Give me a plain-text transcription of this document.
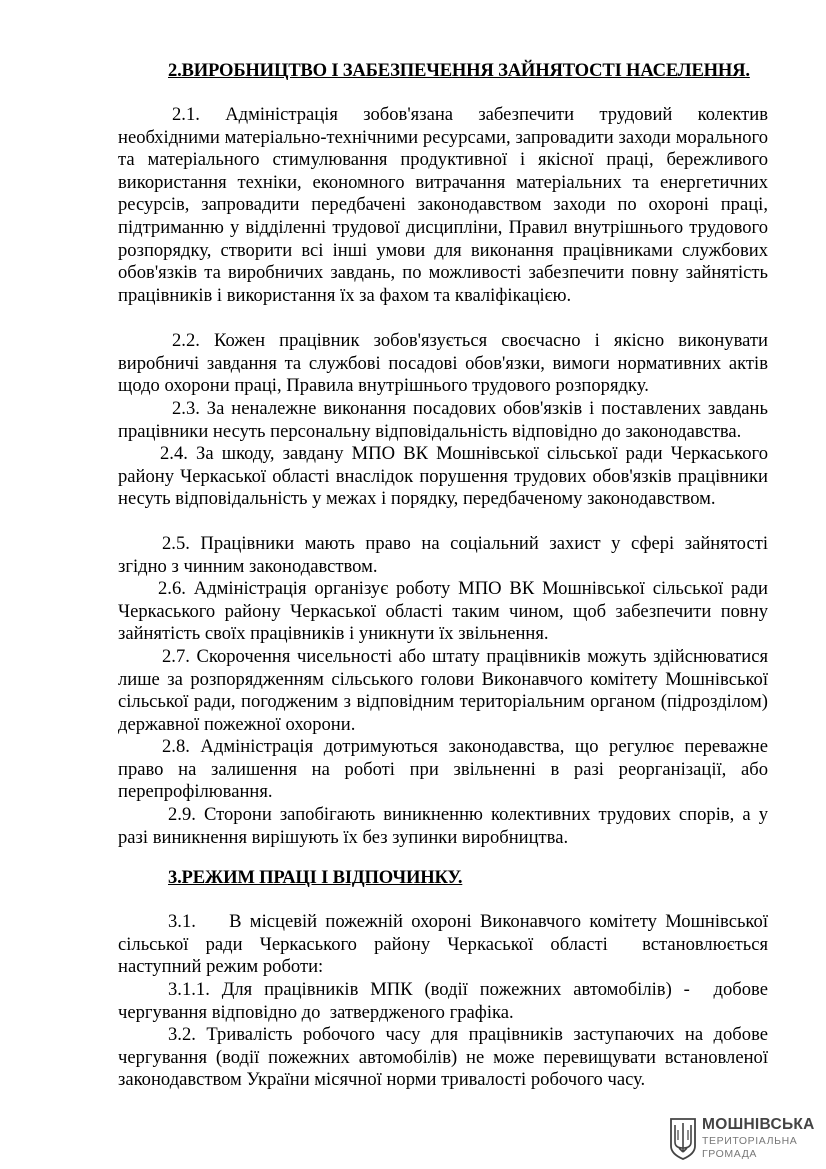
2.ВИРОБНИЦТВО І ЗАБЕЗПЕЧЕННЯ ЗАЙНЯТОСТІ НАСЕЛЕННЯ.

2.1. Адміністрація зобов'язана забезпечити трудовий колектив необхідними матеріально-технічними ресурсами, запровадити заходи морального та матеріального стимулювання продуктивної і якісної праці, бережливого використання техніки, економного витрачання матеріальних та енергетичних ресурсів, запровадити передбачені законодавством заходи по охороні праці, підтриманню у відділенні трудової дисципліни, Правил внутрішнього трудового розпорядку, створити всі інші умови для виконання працівниками службових обов'язків та виробничих завдань, по можливості забезпечити повну зайнятість працівників і використання їх за фахом та кваліфікацією.

2.2. Кожен працівник зобов'язується своєчасно і якісно виконувати виробничі завдання та службові посадові обов'язки, вимоги нормативних актів щодо охорони праці, Правила внутрішнього трудового розпорядку.

2.3. За неналежне виконання посадових обов'язків і поставлених завдань працівники несуть персональну відповідальність відповідно до законодавства.

2.4. За шкоду, завдану МПО ВК Мошнівської сільської ради Черкаського району Черкаської області внаслідок порушення трудових обов'язків працівники несуть відповідальність у межах і порядку, передбаченому законодавством.

2.5. Працівники мають право на соціальний захист у сфері зайнятості згідно з чинним законодавством.

2.6. Адміністрація організує роботу МПО ВК Мошнівської сільської ради Черкаського району Черкаської області таким чином, щоб забезпечити повну зайнятість своїх працівників і уникнути їх звільнення.

2.7. Скорочення чисельності або штату працівників можуть здійснюватися лише за розпорядженням сільського голови Виконавчого комітету Мошнівської сільської ради, погодженим з відповідним територіальним органом (підрозділом) державної пожежної охорони.

2.8. Адміністрація дотримуються законодавства, що регулює переважне право на залишення на роботі при звільненні в разі реорганізації, або перепрофілювання.

2.9. Сторони запобігають виникненню колективних трудових спорів, а у разі виникнення вирішують їх без зупинки виробництва.

3.РЕЖИМ ПРАЦІ І ВІДПОЧИНКУ.

3.1.    В місцевій пожежній охороні Виконавчого комітету Мошнівської сільської ради Черкаського району Черкаської області  встановлюється наступний режим роботи:

3.1.1. Для працівників МПК (водії пожежних автомобілів) -  добове чергування відповідно до  затвердженого графіка.

3.2. Тривалість робочого часу для працівників заступаючих на добове чергування (водії пожежних автомобілів) не може перевищувати встановленої законодавством України місячної норми тривалості робочого часу.

МОШНІВСЬКА

ТЕРИТОРІАЛЬНА

ГРОМАДА
